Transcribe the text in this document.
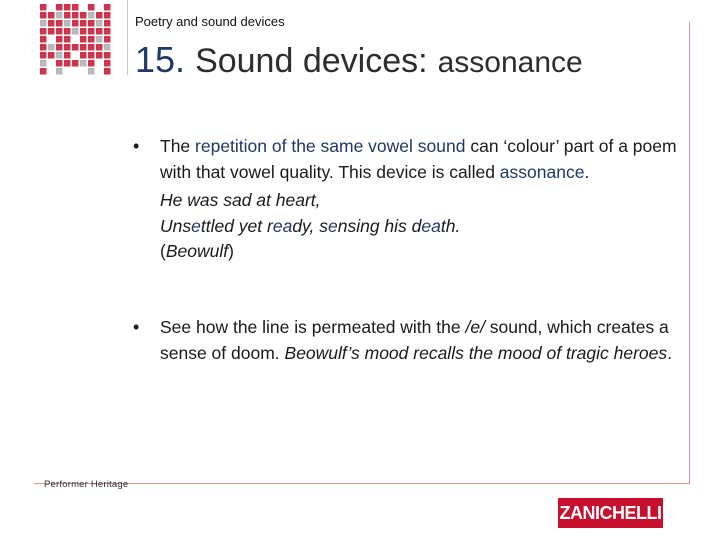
Poetry and sound devices
15. Sound devices: assonance
• The repetition of the same vowel sound can ‘colour’ part of a poem with that vowel quality. This device is called assonance.
He was sad at heart,
Unsettled yet ready, sensing his death.
(Beowulf)
• See how the line is permeated with the /e/ sound, which creates a sense of doom. Beowulf’s mood recalls the mood of tragic heroes.
Performer Heritage
ZANICHELLI
